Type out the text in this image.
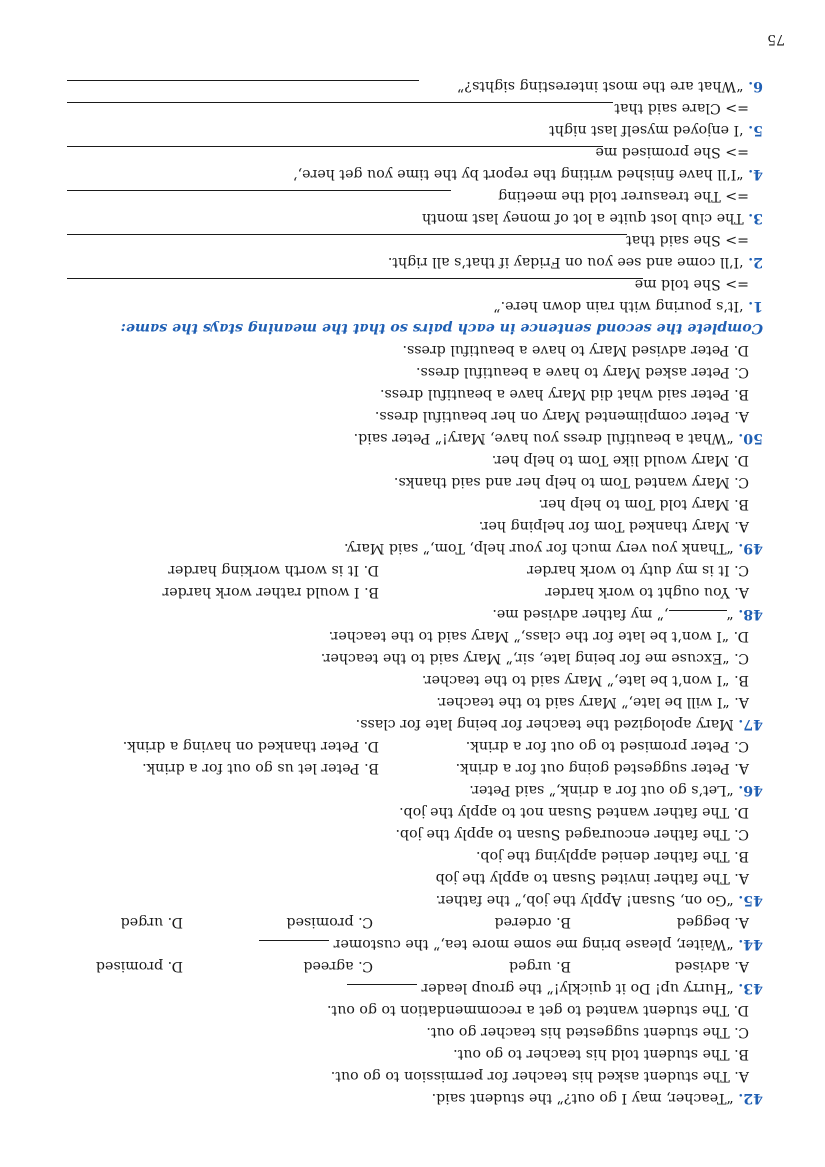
42. “Teacher, may I go out?” the student said.
A. The student asked his teacher for permission to go out.
B. The student told his teacher to go out.
C. The student suggested his teacher go out.
D. The student wanted to get a recommendation to go out.
43. “Hurry up! Do it quickly!” the group leader
A. advised
B. urged
C. agreed
D. promised
44. “Waiter, please bring me some more tea,” the customer
A. begged
B. ordered
C. promised
D. urged
45. “Go on, Susan! Apply the job,” the father.
A. The father invited Susan to apply the job
B. The father denied applying the job.
C. The father encouraged Susan to apply the job.
D. The father wanted Susan not to apply the job.
46. “Let’s go out for a drink,” said Peter.
A. Peter suggested going out for a drink.
B. Peter let us go out for a drink.
C. Peter promised to go out for a drink.
D. Peter thanked on having a drink.
47. Mary apologized the teacher for being late for class.
A. “I will be late,” Mary said to the teacher.
B. “I won’t be late,” Mary said to the teacher.
C. “Excuse me for being late, sir,” Mary said to the teacher.
D. “I won’t be late for the class,” Mary said to the teacher.
48. “,” my father advised me.
A. You ought to work harder
B. I would rather work harder
C. It is my duty to work harder
D. It is worth working harder
49. “Thank you very much for your help, Tom,” said Mary.
A. Mary thanked Tom for helping her.
B. Mary told Tom to help her.
C. Mary wanted Tom to help her and said thanks.
D. Mary would like Tom to help her.
50. “What a beautiful dress you have, Mary!” Peter said.
A. Peter complimented Mary on her beautiful dress.
B. Peter said what did Mary have a beautiful dress.
C. Peter asked Mary to have a beautiful dress.
D. Peter advised Mary to have a beautiful dress.
Complete the second sentence in each pairs so that the meaning stays the same:
1. ‘It’s pouring with rain down here.”
=> She told me
2. ‘I’ll come and see you on Friday if that’s all right.
=> She said that
3. The club lost quite a lot of money last month
=> The treasurer told the meeting
4. “I’ll have finished writing the report by the time you get here,’
=> She promised me
5. ‘I enjoyed myself last night
=> Clare said that
6. “What are the most interesting sights?”
75
